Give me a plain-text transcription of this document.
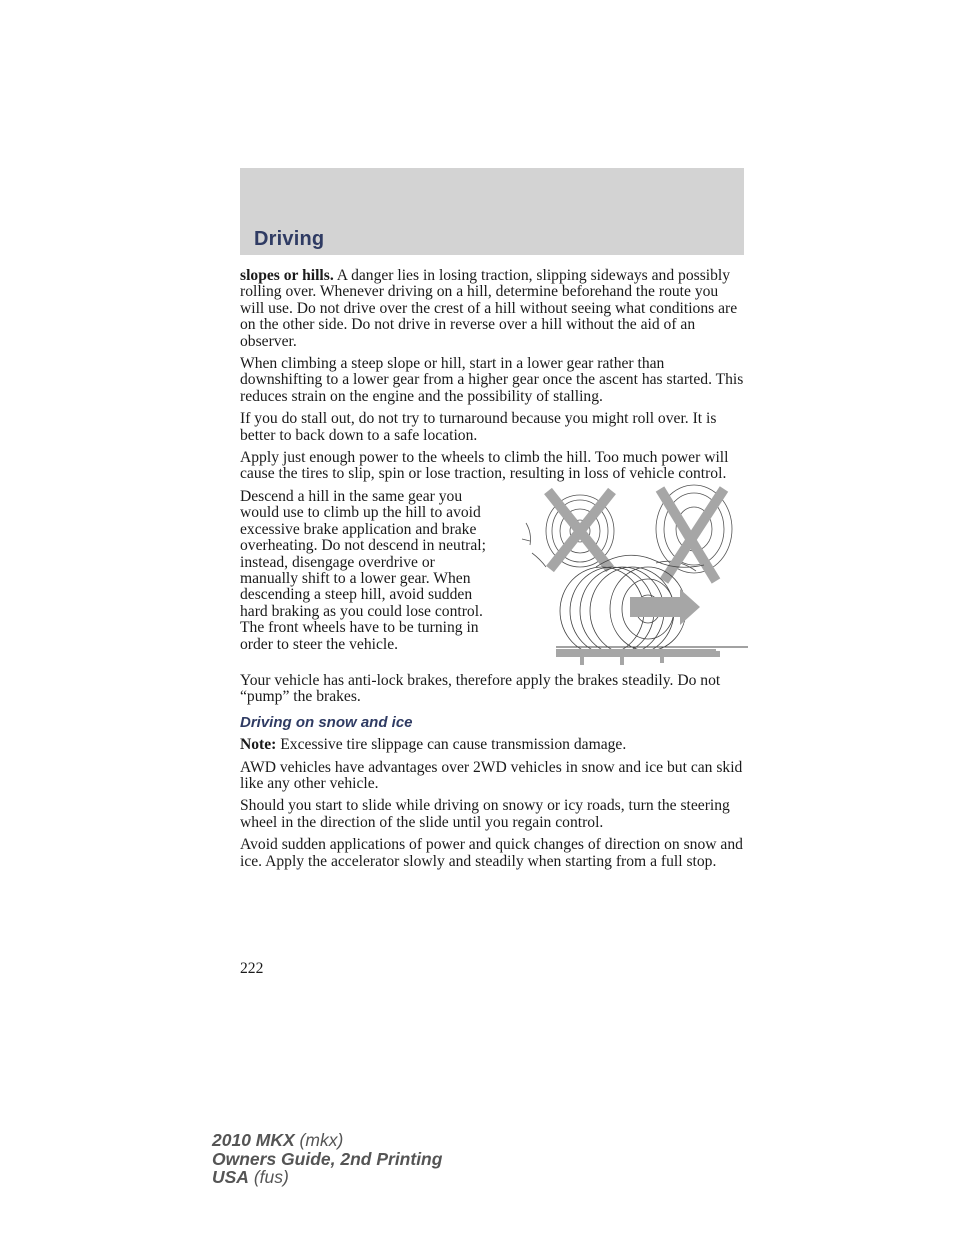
Driving

slopes or hills. A danger lies in losing traction, slipping sideways and possibly rolling over. Whenever driving on a hill, determine beforehand the route you will use. Do not drive over the crest of a hill without seeing what conditions are on the other side. Do not drive in reverse over a hill without the aid of an observer.

When climbing a steep slope or hill, start in a lower gear rather than downshifting to a lower gear from a higher gear once the ascent has started. This reduces strain on the engine and the possibility of stalling.

If you do stall out, do not try to turnaround because you might roll over. It is better to back down to a safe location.

Apply just enough power to the wheels to climb the hill. Too much power will cause the tires to slip, spin or lose traction, resulting in loss of vehicle control.

Descend a hill in the same gear you would use to climb up the hill to avoid excessive brake application and brake overheating. Do not descend in neutral; instead, disengage overdrive or manually shift to a lower gear. When descending a steep hill, avoid sudden hard braking as you could lose control. The front wheels have to be turning in order to steer the vehicle.

Your vehicle has anti-lock brakes, therefore apply the brakes steadily. Do not “pump” the brakes.

Driving on snow and ice

Note: Excessive tire slippage can cause transmission damage.

AWD vehicles have advantages over 2WD vehicles in snow and ice but can skid like any other vehicle.

Should you start to slide while driving on snowy or icy roads, turn the steering wheel in the direction of the slide until you regain control.

Avoid sudden applications of power and quick changes of direction on snow and ice. Apply the accelerator slowly and steadily when starting from a full stop.

222
2010 MKX (mkx)
Owners Guide, 2nd Printing
USA (fus)
